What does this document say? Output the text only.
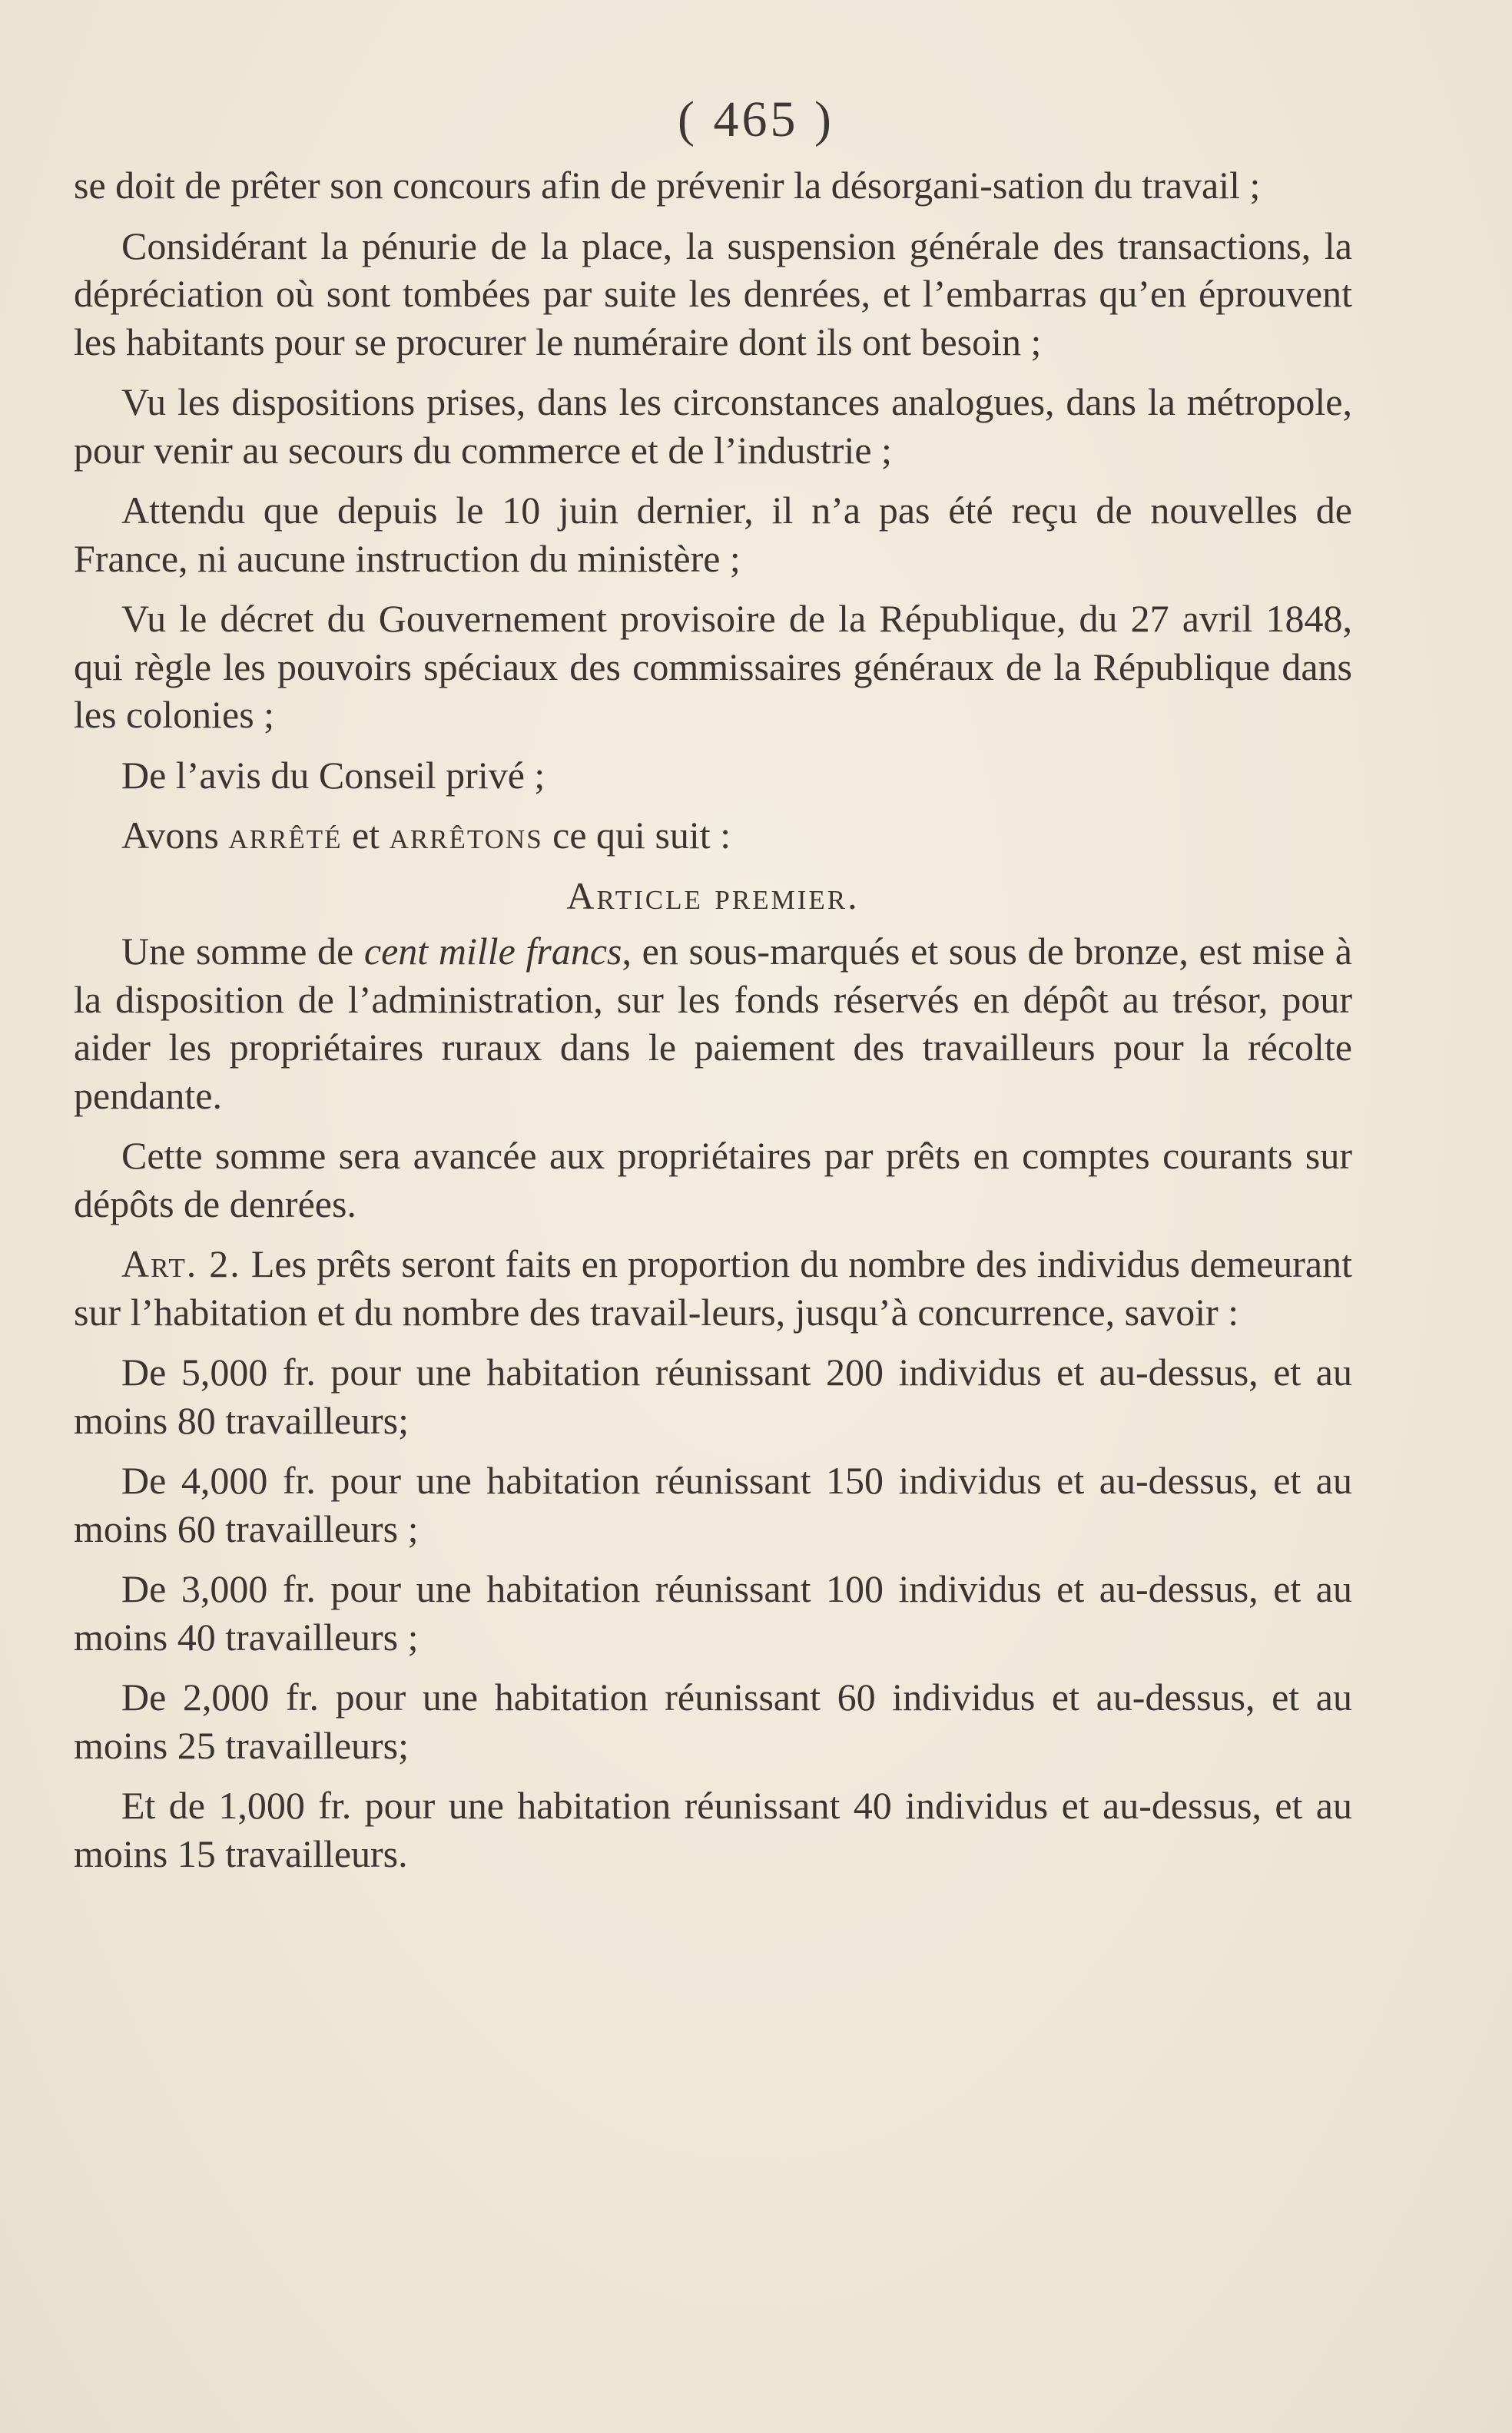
( 465 )

se doit de prêter son concours afin de prévenir la désorgani-sation du travail ;

Considérant la pénurie de la place, la suspension générale des transactions, la dépréciation où sont tombées par suite les denrées, et l’embarras qu’en éprouvent les habitants pour se procurer le numéraire dont ils ont besoin ;

Vu les dispositions prises, dans les circonstances analogues, dans la métropole, pour venir au secours du commerce et de l’industrie ;

Attendu que depuis le 10 juin dernier, il n’a pas été reçu de nouvelles de France, ni aucune instruction du ministère ;

Vu le décret du Gouvernement provisoire de la République, du 27 avril 1848, qui règle les pouvoirs spéciaux des commissaires généraux de la République dans les colonies ;

De l’avis du Conseil privé ;

Avons arrêté et arrêtons ce qui suit :

Article premier.

Une somme de cent mille francs, en sous-marqués et sous de bronze, est mise à la disposition de l’administration, sur les fonds réservés en dépôt au trésor, pour aider les propriétaires ruraux dans le paiement des travailleurs pour la récolte pendante.

Cette somme sera avancée aux propriétaires par prêts en comptes courants sur dépôts de denrées.

Art. 2. Les prêts seront faits en proportion du nombre des individus demeurant sur l’habitation et du nombre des travail-leurs, jusqu’à concurrence, savoir :

De 5,000 fr. pour une habitation réunissant 200 individus et au-dessus, et au moins 80 travailleurs;

De 4,000 fr. pour une habitation réunissant 150 individus et au-dessus, et au moins 60 travailleurs ;

De 3,000 fr. pour une habitation réunissant 100 individus et au-dessus, et au moins 40 travailleurs ;

De 2,000 fr. pour une habitation réunissant 60 individus et au-dessus, et au moins 25 travailleurs;

Et de 1,000 fr. pour une habitation réunissant 40 individus et au-dessus, et au moins 15 travailleurs.
